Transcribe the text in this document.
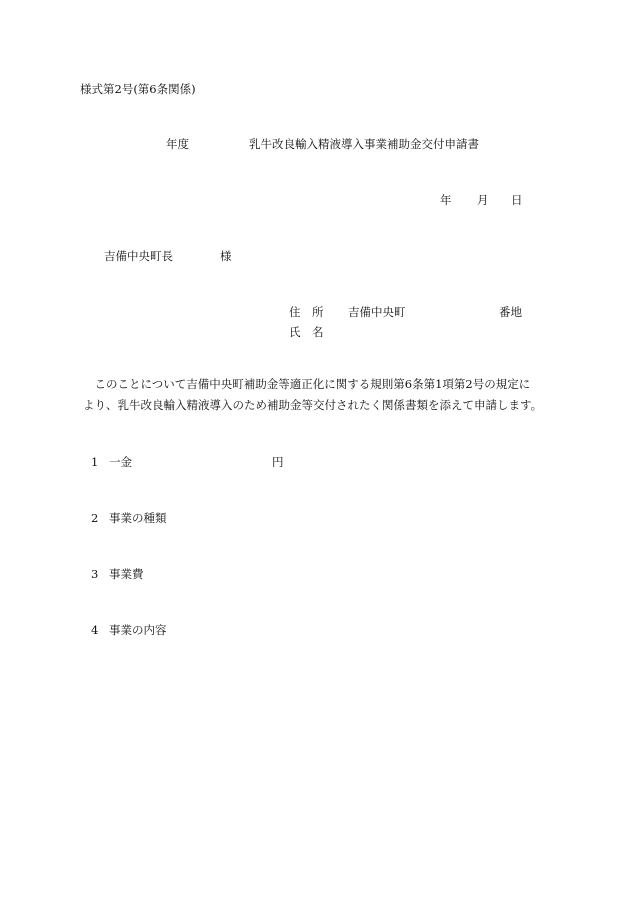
様式第2号(第6条関係)
年度	乳牛改良輸入精液導入事業補助金交付申請書
年 月 日
吉備中央町長	様
住　所 吉備中央町	番地
氏　名
　このことについて吉備中央町補助金等適正化に関する規則第6条第1項第2号の規定に
より、乳牛改良輸入精液導入のため補助金等交付されたく関係書類を添えて申請します。
1 一金	円
2 事業の種類
3 事業費
4 事業の内容
